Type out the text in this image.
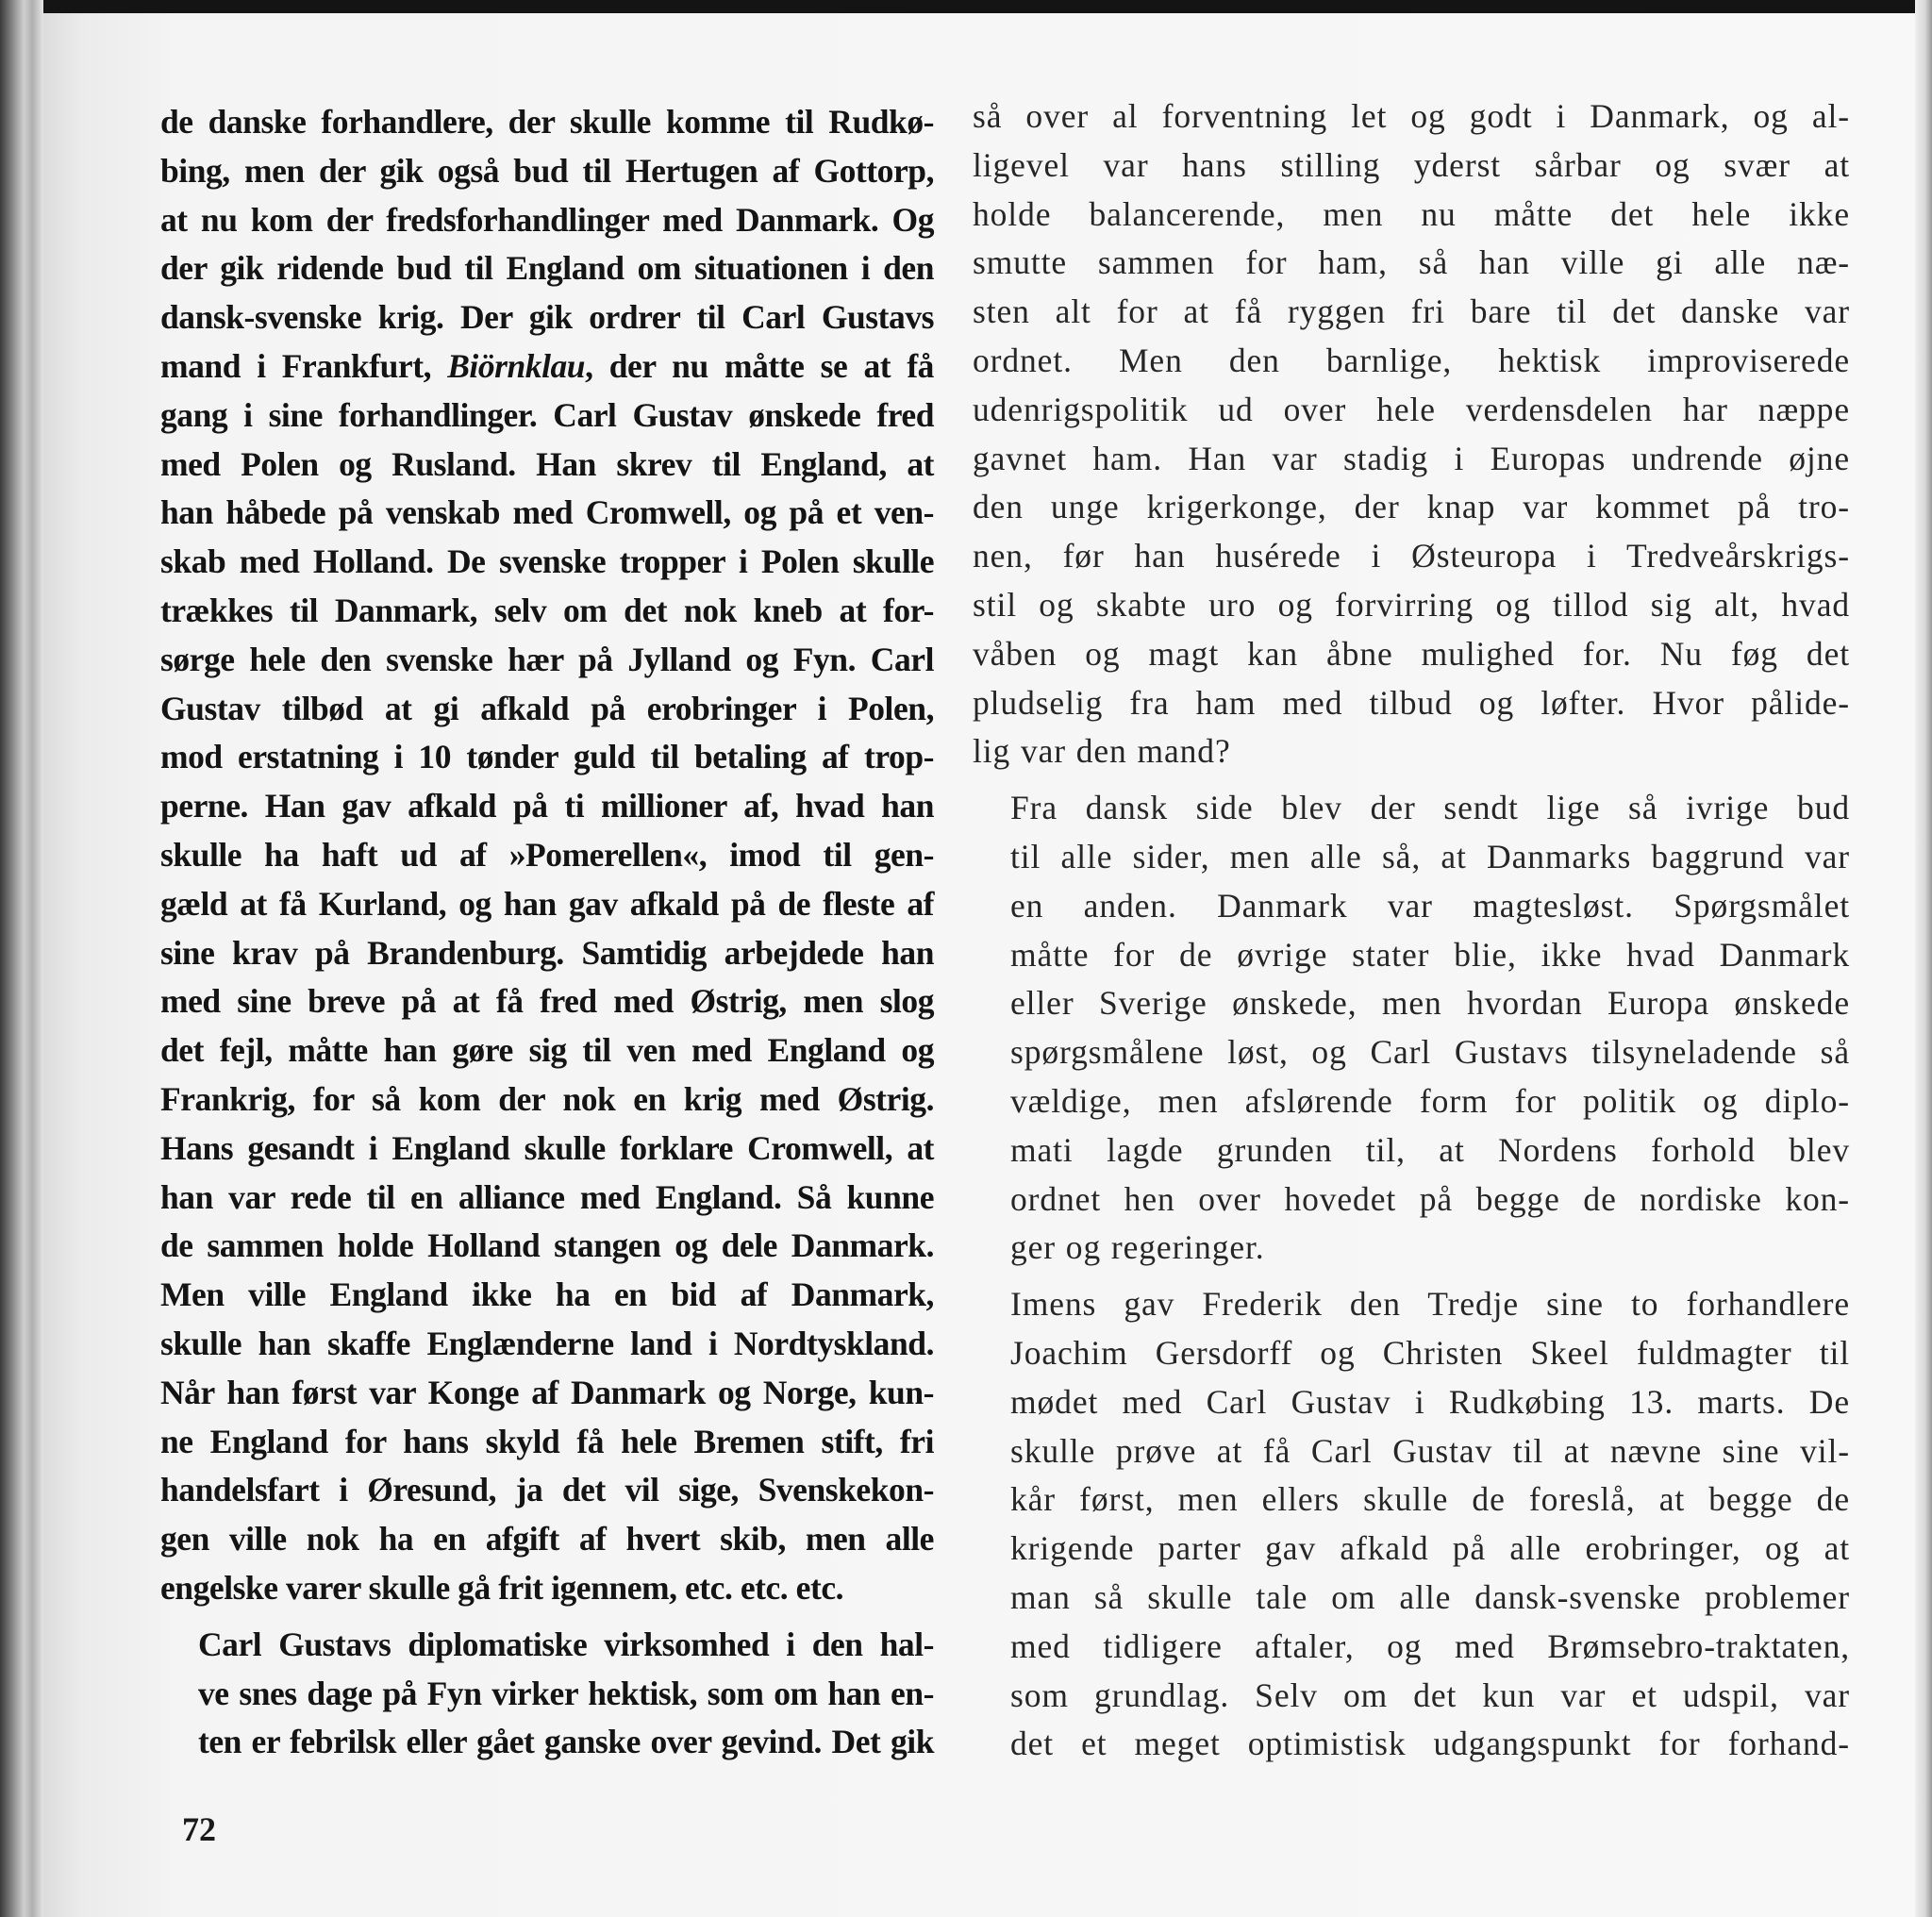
de danske forhandlere, der skulle komme til Rudkø-
bing, men der gik også bud til Hertugen af Gottorp,
at nu kom der fredsforhandlinger med Danmark. Og
der gik ridende bud til England om situationen i den
dansk-svenske krig. Der gik ordrer til Carl Gustavs
mand i Frankfurt, Biörnklau, der nu måtte se at få
gang i sine forhandlinger. Carl Gustav ønskede fred
med Polen og Rusland. Han skrev til England, at
han håbede på venskab med Cromwell, og på et ven-
skab med Holland. De svenske tropper i Polen skulle
trækkes til Danmark, selv om det nok kneb at for-
sørge hele den svenske hær på Jylland og Fyn. Carl
Gustav tilbød at gi afkald på erobringer i Polen,
mod erstatning i 10 tønder guld til betaling af trop-
perne. Han gav afkald på ti millioner af, hvad han
skulle ha haft ud af »Pomerellen«, imod til gen-
gæld at få Kurland, og han gav afkald på de fleste af
sine krav på Brandenburg. Samtidig arbejdede han
med sine breve på at få fred med Østrig, men slog
det fejl, måtte han gøre sig til ven med England og
Frankrig, for så kom der nok en krig med Østrig.
Hans gesandt i England skulle forklare Cromwell, at
han var rede til en alliance med England. Så kunne
de sammen holde Holland stangen og dele Danmark.
Men ville England ikke ha en bid af Danmark,
skulle han skaffe Englænderne land i Nordtyskland.
Når han først var Konge af Danmark og Norge, kun-
ne England for hans skyld få hele Bremen stift, fri
handelsfart i Øresund, ja det vil sige, Svenskekon-
gen ville nok ha en afgift af hvert skib, men alle
engelske varer skulle gå frit igennem, etc. etc. etc.

Carl Gustavs diplomatiske virksomhed i den hal-
ve snes dage på Fyn virker hektisk, som om han en-
ten er febrilsk eller gået ganske over gevind. Det gik

så over al forventning let og godt i Danmark, og al-
ligevel var hans stilling yderst sårbar og svær at
holde balancerende, men nu måtte det hele ikke
smutte sammen for ham, så han ville gi alle næ-
sten alt for at få ryggen fri bare til det danske var
ordnet. Men den barnlige, hektisk improviserede
udenrigspolitik ud over hele verdensdelen har næppe
gavnet ham. Han var stadig i Europas undrende øjne
den unge krigerkonge, der knap var kommet på tro-
nen, før han husérede i Østeuropa i Tredveårskrigs-
stil og skabte uro og forvirring og tillod sig alt, hvad
våben og magt kan åbne mulighed for. Nu føg det
pludselig fra ham med tilbud og løfter. Hvor pålide-
lig var den mand?

Fra dansk side blev der sendt lige så ivrige bud
til alle sider, men alle så, at Danmarks baggrund var
en anden. Danmark var magtesløst. Spørgsmålet
måtte for de øvrige stater blie, ikke hvad Danmark
eller Sverige ønskede, men hvordan Europa ønskede
spørgsmålene løst, og Carl Gustavs tilsyneladende så
vældige, men afslørende form for politik og diplo-
mati lagde grunden til, at Nordens forhold blev
ordnet hen over hovedet på begge de nordiske kon-
ger og regeringer.

Imens gav Frederik den Tredje sine to forhandlere
Joachim Gersdorff og Christen Skeel fuldmagter til
mødet med Carl Gustav i Rudkøbing 13. marts. De
skulle prøve at få Carl Gustav til at nævne sine vil-
kår først, men ellers skulle de foreslå, at begge de
krigende parter gav afkald på alle erobringer, og at
man så skulle tale om alle dansk-svenske problemer
med tidligere aftaler, og med Brømsebro-traktaten,
som grundlag. Selv om det kun var et udspil, var
det et meget optimistisk udgangspunkt for forhand-

72
